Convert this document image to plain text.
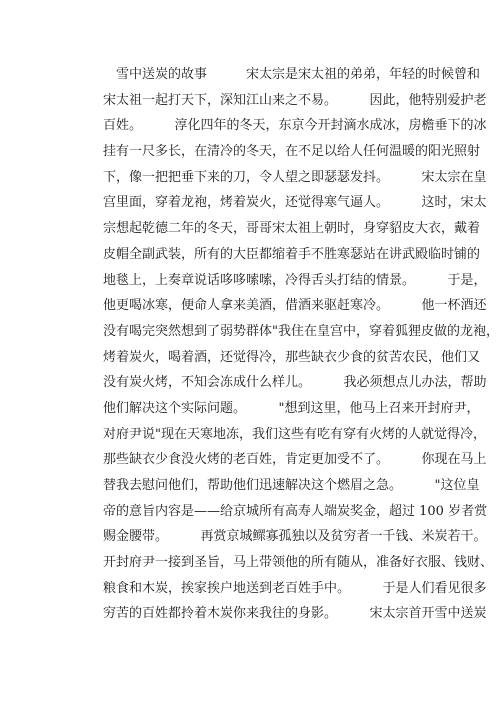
　雪中送炭的故事　　　宋太宗是宋太祖的弟弟，年轻的时候曾和
宋太祖一起打天下，深知江山来之不易。　　　因此，他特别爱护老
百姓。　　　淳化四年的冬天，东京今开封滴水成冰，房檐垂下的冰
挂有一尺多长，在清冷的冬天，在不足以给人任何温暖的阳光照射
下，像一把把垂下来的刀，令人望之即瑟瑟发抖。　　　宋太宗在皇
宫里面，穿着龙袍，烤着炭火，还觉得寒气逼人。　　　这时，宋太
宗想起乾德二年的冬天，哥哥宋太祖上朝时，身穿貂皮大衣，戴着
皮帽全副武装，所有的大臣都缩着手不胜寒瑟站在讲武殿临时铺的
地毯上，上奏章说话哆哆嗦嗦，冷得舌头打结的情景。　　　于是，
他更喝冰寒，便命人拿来美酒，借酒来驱赶寒冷。　　　他一杯酒还
没有喝完突然想到了弱势群体"我住在皇宫中，穿着狐狸皮做的龙袍，
烤着炭火，喝着酒，还觉得冷，那些缺衣少食的贫苦农民，他们又
没有炭火烤，不知会冻成什么样儿。　　　我必须想点儿办法，帮助
他们解决这个实际问题。　　　"想到这里，他马上召来开封府尹，
对府尹说"现在天寒地冻，我们这些有吃有穿有火烤的人就觉得冷，
那些缺衣少食没火烤的老百姓，肯定更加受不了。　　　你现在马上
替我去慰问他们，帮助他们迅速解决这个燃眉之急。　　　"这位皇
帝的意旨内容是——给京城所有高寿人端炭奖金，超过 100 岁者赏
赐金腰带。　　　再赏京城鳏寡孤独以及贫穷者一千钱、米炭若干。
开封府尹一接到圣旨，马上带领他的所有随从，准备好衣服、钱财、
粮食和木炭，挨家挨户地送到老百姓手中。　　　于是人们看见很多
穷苦的百姓都拎着木炭你来我往的身影。　　　宋太宗首开雪中送炭
